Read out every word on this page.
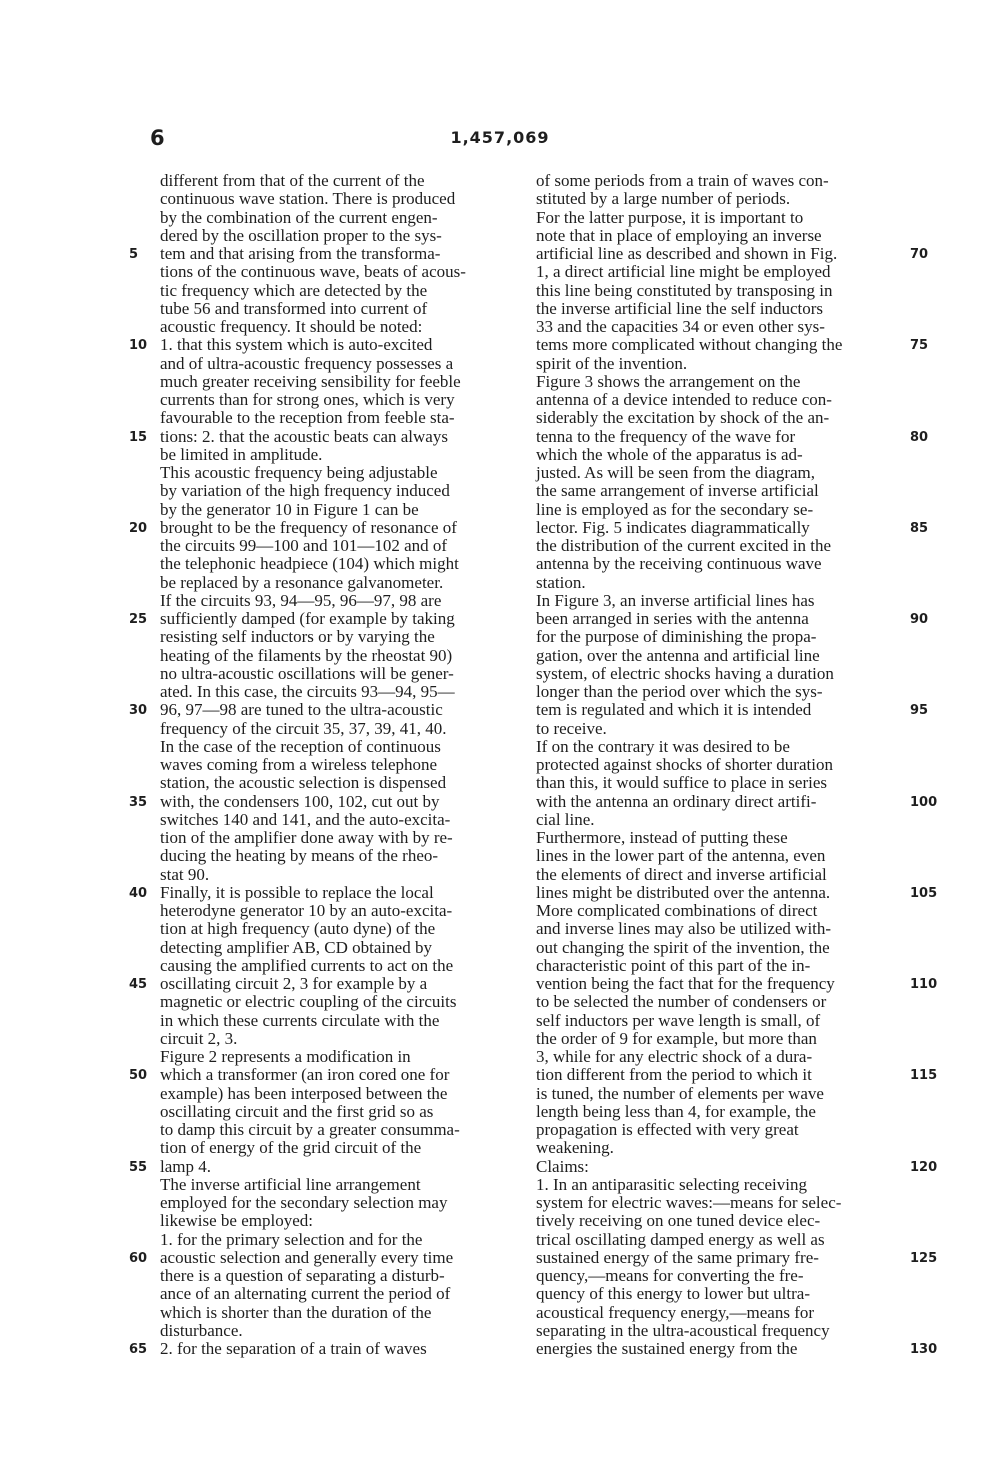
6	1,457,069
different from that of the current of the
continuous wave station. There is produced
by the combination of the current engen-
dered by the oscillation proper to the sys-
tem and that arising from the transforma-
tions of the continuous wave, beats of acous-
tic frequency which are detected by the
tube 56 and transformed into current of
acoustic frequency. It should be noted:
1. that this system which is auto-excited
and of ultra-acoustic frequency possesses a
much greater receiving sensibility for feeble
currents than for strong ones, which is very
favourable to the reception from feeble sta-
tions: 2. that the acoustic beats can always
be limited in amplitude.
This acoustic frequency being adjustable
by variation of the high frequency induced
by the generator 10 in Figure 1 can be
brought to be the frequency of resonance of
the circuits 99—100 and 101—102 and of
the telephonic headpiece (104) which might
be replaced by a resonance galvanometer.
If the circuits 93, 94—95, 96—97, 98 are
sufficiently damped (for example by taking
resisting self inductors or by varying the
heating of the filaments by the rheostat 90)
no ultra-acoustic oscillations will be gener-
ated. In this case, the circuits 93—94, 95—
96, 97—98 are tuned to the ultra-acoustic
frequency of the circuit 35, 37, 39, 41, 40.
In the case of the reception of continuous
waves coming from a wireless telephone
station, the acoustic selection is dispensed
with, the condensers 100, 102, cut out by
switches 140 and 141, and the auto-excita-
tion of the amplifier done away with by re-
ducing the heating by means of the rheo-
stat 90.
Finally, it is possible to replace the local
heterodyne generator 10 by an auto-excita-
tion at high frequency (auto dyne) of the
detecting amplifier AB, CD obtained by
causing the amplified currents to act on the
oscillating circuit 2, 3 for example by a
magnetic or electric coupling of the circuits
in which these currents circulate with the
circuit 2, 3.
Figure 2 represents a modification in
which a transformer (an iron cored one for
example) has been interposed between the
oscillating circuit and the first grid so as
to damp this circuit by a greater consumma-
tion of energy of the grid circuit of the
lamp 4.
The inverse artificial line arrangement
employed for the secondary selection may
likewise be employed:
1. for the primary selection and for the
acoustic selection and generally every time
there is a question of separating a disturb-
ance of an alternating current the period of
which is shorter than the duration of the
disturbance.
2. for the separation of a train of waves
of some periods from a train of waves con-
stituted by a large number of periods.
For the latter purpose, it is important to
note that in place of employing an inverse
artificial line as described and shown in Fig.
1, a direct artificial line might be employed
this line being constituted by transposing in
the inverse artificial line the self inductors
33 and the capacities 34 or even other sys-
tems more complicated without changing the
spirit of the invention.
Figure 3 shows the arrangement on the
antenna of a device intended to reduce con-
siderably the excitation by shock of the an-
tenna to the frequency of the wave for
which the whole of the apparatus is ad-
justed. As will be seen from the diagram,
the same arrangement of inverse artificial
line is employed as for the secondary se-
lector. Fig. 5 indicates diagrammatically
the distribution of the current excited in the
antenna by the receiving continuous wave
station.
In Figure 3, an inverse artificial lines has
been arranged in series with the antenna
for the purpose of diminishing the propa-
gation, over the antenna and artificial line
system, of electric shocks having a duration
longer than the period over which the sys-
tem is regulated and which it is intended
to receive.
If on the contrary it was desired to be
protected against shocks of shorter duration
than this, it would suffice to place in series
with the antenna an ordinary direct artifi-
cial line.
Furthermore, instead of putting these
lines in the lower part of the antenna, even
the elements of direct and inverse artificial
lines might be distributed over the antenna.
More complicated combinations of direct
and inverse lines may also be utilized with-
out changing the spirit of the invention, the
characteristic point of this part of the in-
vention being the fact that for the frequency
to be selected the number of condensers or
self inductors per wave length is small, of
the order of 9 for example, but more than
3, while for any electric shock of a dura-
tion different from the period to which it
is tuned, the number of elements per wave
length being less than 4, for example, the
propagation is effected with very great
weakening.
Claims:
1. In an antiparasitic selecting receiving
system for electric waves:—means for selec-
tively receiving on one tuned device elec-
trical oscillating damped energy as well as
sustained energy of the same primary fre-
quency,—means for converting the fre-
quency of this energy to lower but ultra-
acoustical frequency energy,—means for
separating in the ultra-acoustical frequency
energies the sustained energy from the
5
10
15
20
25
30
35
40
45
50
55
60
65
70
75
80
85
90
95
100
105
110
115
120
125
130
